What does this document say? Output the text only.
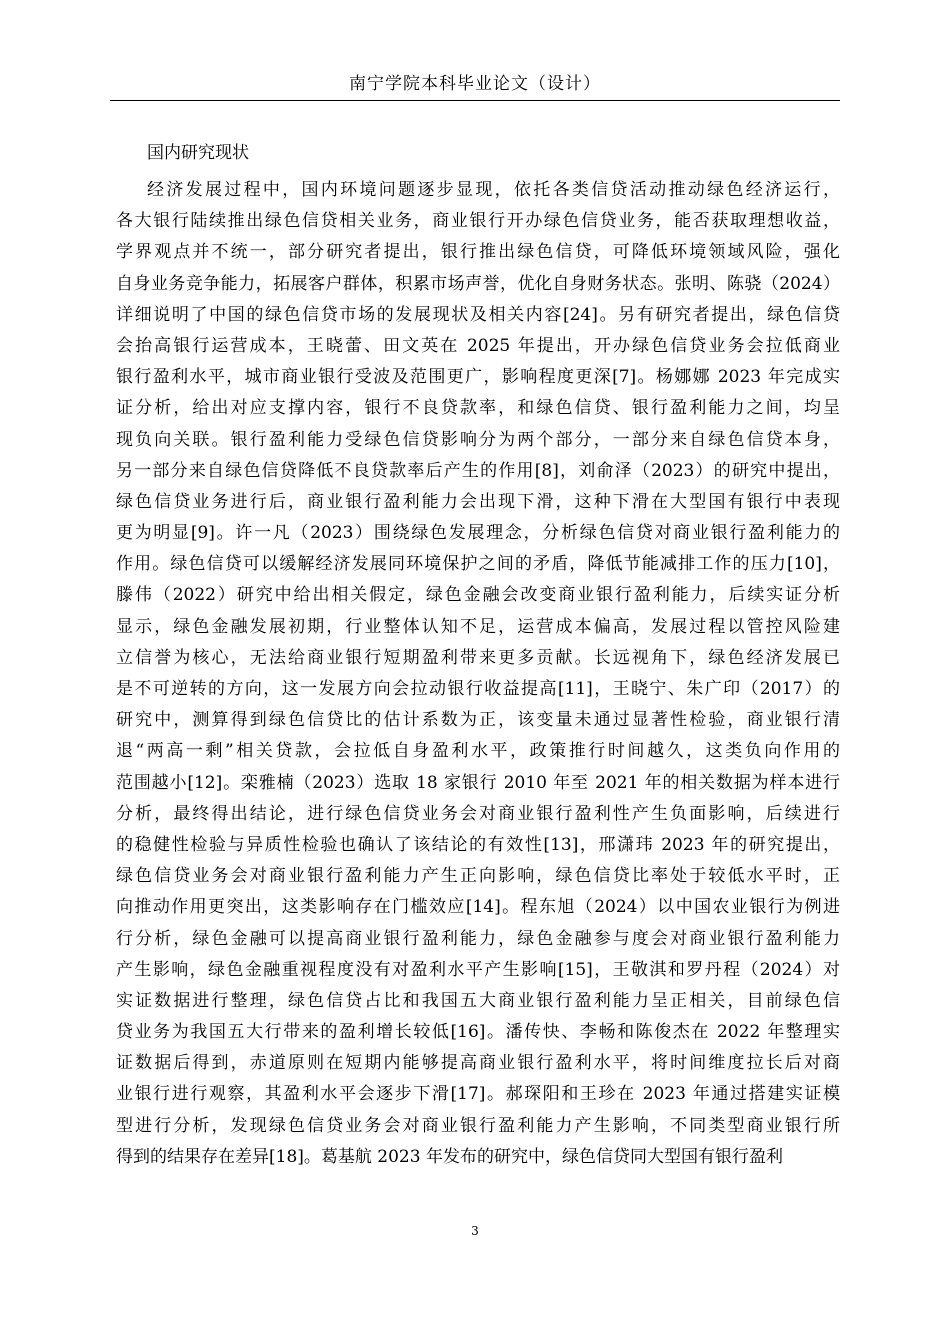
南宁学院本科毕业论文（设计）
国内研究现状
经济发展过程中，国内环境问题逐步显现，依托各类信贷活动推动绿色经济运行，
各大银行陆续推出绿色信贷相关业务，商业银行开办绿色信贷业务，能否获取理想收益，
学界观点并不统一，部分研究者提出，银行推出绿色信贷，可降低环境领域风险，强化
自身业务竞争能力，拓展客户群体，积累市场声誉，优化自身财务状态。张明、陈骁（2024）
详细说明了中国的绿色信贷市场的发展现状及相关内容[24]。另有研究者提出，绿色信贷
会抬高银行运营成本，王晓蕾、田文英在 2025 年提出，开办绿色信贷业务会拉低商业
银行盈利水平，城市商业银行受波及范围更广，影响程度更深[7]。杨娜娜 2023 年完成实
证分析，给出对应支撑内容，银行不良贷款率，和绿色信贷、银行盈利能力之间，均呈
现负向关联。银行盈利能力受绿色信贷影响分为两个部分，一部分来自绿色信贷本身，
另一部分来自绿色信贷降低不良贷款率后产生的作用[8]，刘俞泽（2023）的研究中提出，
绿色信贷业务进行后，商业银行盈利能力会出现下滑，这种下滑在大型国有银行中表现
更为明显[9]。许一凡（2023）围绕绿色发展理念，分析绿色信贷对商业银行盈利能力的
作用。绿色信贷可以缓解经济发展同环境保护之间的矛盾，降低节能减排工作的压力[10]，
滕伟（2022）研究中给出相关假定，绿色金融会改变商业银行盈利能力，后续实证分析
显示，绿色金融发展初期，行业整体认知不足，运营成本偏高，发展过程以管控风险建
立信誉为核心，无法给商业银行短期盈利带来更多贡献。长远视角下，绿色经济发展已
是不可逆转的方向，这一发展方向会拉动银行收益提高[11]，王晓宁、朱广印（2017）的
研究中，测算得到绿色信贷比的估计系数为正，该变量未通过显著性检验，商业银行清
退“两高一剩”相关贷款，会拉低自身盈利水平，政策推行时间越久，这类负向作用的
范围越小[12]。栾雅楠（2023）选取 18 家银行 2010 年至 2021 年的相关数据为样本进行
分析，最终得出结论，进行绿色信贷业务会对商业银行盈利性产生负面影响，后续进行
的稳健性检验与异质性检验也确认了该结论的有效性[13]，邢潇玮 2023 年的研究提出，
绿色信贷业务会对商业银行盈利能力产生正向影响，绿色信贷比率处于较低水平时，正
向推动作用更突出，这类影响存在门槛效应[14]。程东旭（2024）以中国农业银行为例进
行分析，绿色金融可以提高商业银行盈利能力，绿色金融参与度会对商业银行盈利能力
产生影响，绿色金融重视程度没有对盈利水平产生影响[15]，王敬淇和罗丹程（2024）对
实证数据进行整理，绿色信贷占比和我国五大商业银行盈利能力呈正相关，目前绿色信
贷业务为我国五大行带来的盈利增长较低[16]。潘传快、李畅和陈俊杰在 2022 年整理实
证数据后得到，赤道原则在短期内能够提高商业银行盈利水平，将时间维度拉长后对商
业银行进行观察，其盈利水平会逐步下滑[17]。郝琛阳和王珍在 2023 年通过搭建实证模
型进行分析，发现绿色信贷业务会对商业银行盈利能力产生影响，不同类型商业银行所
得到的结果存在差异[18]。葛基航 2023 年发布的研究中，绿色信贷同大型国有银行盈利
3
